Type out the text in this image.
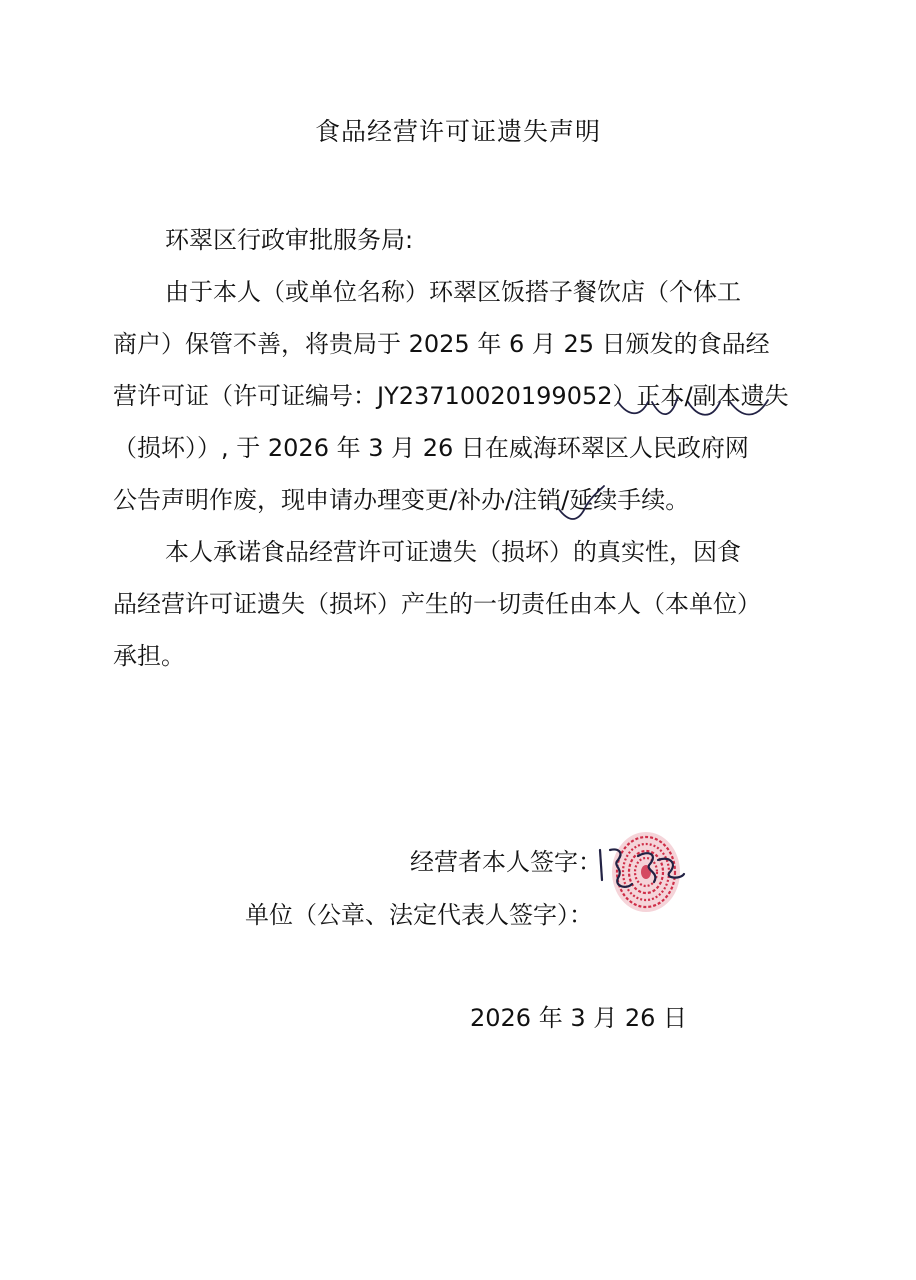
食品经营许可证遗失声明
环翠区行政审批服务局:
由于本人（或单位名称）环翠区饭搭子餐饮店（个体工
商户）保管不善，将贵局于 2025 年 6 月 25 日颁发的食品经
营许可证（许可证编号：JY23710020199052）正本/副本遗失
（损坏））, 于 2026 年 3 月 26 日在威海环翠区人民政府网
公告声明作废，现申请办理变更/补办/注销/延续手续。
本人承诺食品经营许可证遗失（损坏）的真实性，因食
品经营许可证遗失（损坏）产生的一切责任由本人（本单位）
承担。
经营者本人签字：
单位（公章、法定代表人签字）：
2026 年 3 月 26 日
